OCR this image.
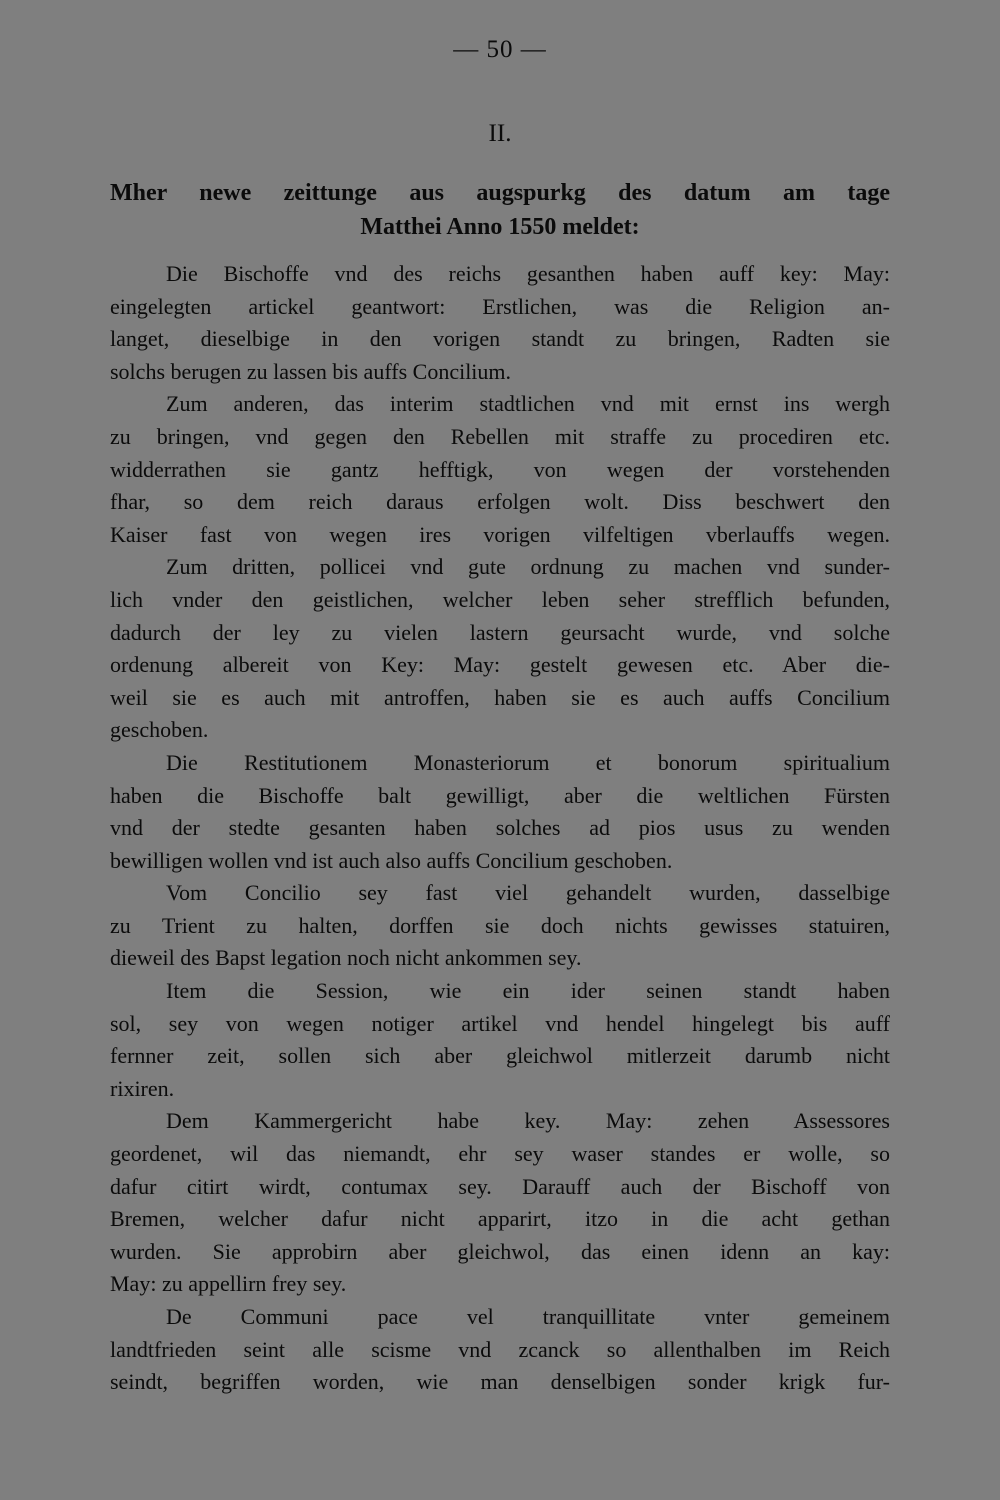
— 50 —
II.
Mher newe zeittunge aus augspurkg des datum am tage
Matthei Anno 1550 meldet:
Die Bischoffe vnd des reichs gesanthen haben auff key: May:
eingelegten artickel geantwort: Erstlichen, was die Religion an-
langet, dieselbige in den vorigen standt zu bringen, Radten sie
solchs berugen zu lassen bis auffs Concilium.
Zum anderen, das interim stadtlichen vnd mit ernst ins wergh
zu bringen, vnd gegen den Rebellen mit straffe zu procediren etc.
widderrathen sie gantz hefftigk, von wegen der vorstehenden
fhar, so dem reich daraus erfolgen wolt. Diss beschwert den
Kaiser fast von wegen ires vorigen vilfeltigen vberlauffs wegen.
Zum dritten, pollicei vnd gute ordnung zu machen vnd sunder-
lich vnder den geistlichen, welcher leben seher strefflich befunden,
dadurch der ley zu vielen lastern geursacht wurde, vnd solche
ordenung albereit von Key: May: gestelt gewesen etc. Aber die-
weil sie es auch mit antroffen, haben sie es auch auffs Concilium
geschoben.
Die Restitutionem Monasteriorum et bonorum spiritualium
haben die Bischoffe balt gewilligt, aber die weltlichen Fürsten
vnd der stedte gesanten haben solches ad pios usus zu wenden
bewilligen wollen vnd ist auch also auffs Concilium geschoben.
Vom Concilio sey fast viel gehandelt wurden, dasselbige
zu Trient zu halten, dorffen sie doch nichts gewisses statuiren,
dieweil des Bapst legation noch nicht ankommen sey.
Item die Session, wie ein ider seinen standt haben
sol, sey von wegen notiger artikel vnd hendel hingelegt bis auff
fernner zeit, sollen sich aber gleichwol mitlerzeit darumb nicht
rixiren.
Dem Kammergericht habe key. May: zehen Assessores
geordenet, wil das niemandt, ehr sey waser standes er wolle, so
dafur citirt wirdt, contumax sey. Darauff auch der Bischoff von
Bremen, welcher dafur nicht apparirt, itzo in die acht gethan
wurden. Sie approbirn aber gleichwol, das einen idenn an kay:
May: zu appellirn frey sey.
De Communi pace vel tranquillitate vnter gemeinem
landtfrieden seint alle scisme vnd zcanck so allenthalben im Reich
seindt, begriffen worden, wie man denselbigen sonder krigk fur-
